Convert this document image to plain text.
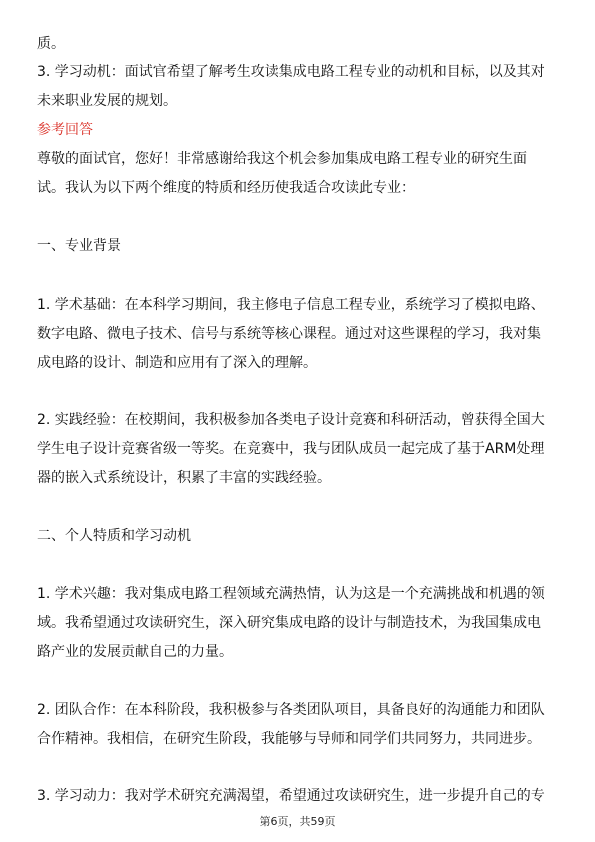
质。
3. 学习动机：面试官希望了解考生攻读集成电路工程专业的动机和目标，以及其对
未来职业发展的规划。
参考回答
尊敬的面试官，您好！非常感谢给我这个机会参加集成电路工程专业的研究生面
试。我认为以下两个维度的特质和经历使我适合攻读此专业：
一、专业背景
1. 学术基础：在本科学习期间，我主修电子信息工程专业，系统学习了模拟电路、
数字电路、微电子技术、信号与系统等核心课程。通过对这些课程的学习，我对集
成电路的设计、制造和应用有了深入的理解。
2. 实践经验：在校期间，我积极参加各类电子设计竞赛和科研活动，曾获得全国大
学生电子设计竞赛省级一等奖。在竞赛中，我与团队成员一起完成了基于ARM处理
器的嵌入式系统设计，积累了丰富的实践经验。
二、个人特质和学习动机
1. 学术兴趣：我对集成电路工程领域充满热情，认为这是一个充满挑战和机遇的领
域。我希望通过攻读研究生，深入研究集成电路的设计与制造技术，为我国集成电
路产业的发展贡献自己的力量。
2. 团队合作：在本科阶段，我积极参与各类团队项目，具备良好的沟通能力和团队
合作精神。我相信，在研究生阶段，我能够与导师和同学们共同努力，共同进步。
3. 学习动力：我对学术研究充满渴望，希望通过攻读研究生，进一步提升自己的专
第6页，共59页
